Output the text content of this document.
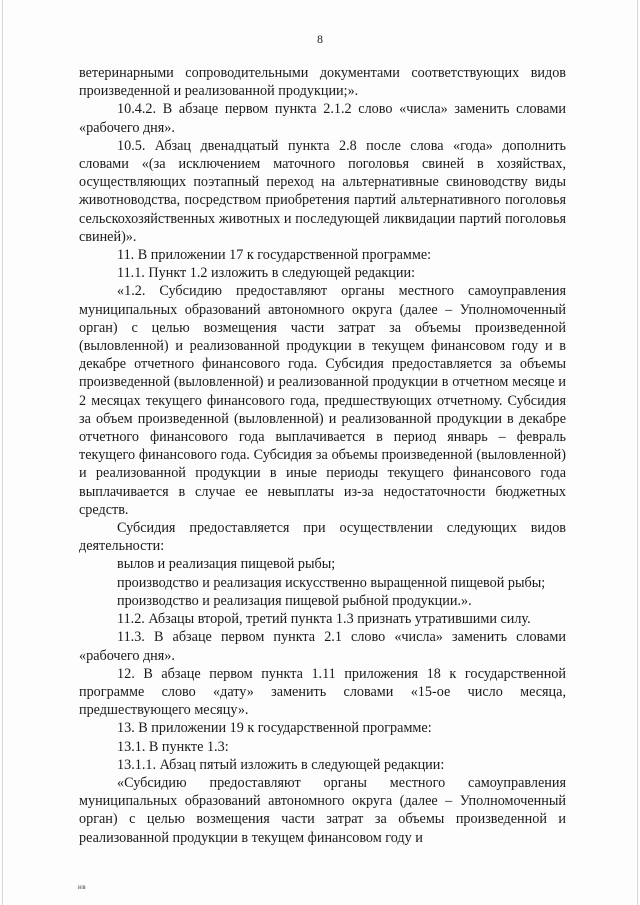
8

ветеринарными сопроводительными документами соответствующих видов произведенной и реализованной продукции;».

10.4.2. В абзаце первом пункта 2.1.2 слово «числа» заменить словами «рабочего дня».

10.5. Абзац двенадцатый пункта 2.8 после слова «года» дополнить словами «(за исключением маточного поголовья свиней в хозяйствах, осуществляющих поэтапный переход на альтернативные свиноводству виды животноводства, посредством приобретения партий альтернативного поголовья сельскохозяйственных животных и последующей ликвидации партий поголовья свиней)».

11. В приложении 17 к государственной программе:

11.1. Пункт 1.2 изложить в следующей редакции:

«1.2. Субсидию предоставляют органы местного самоуправления муниципальных образований автономного округа (далее – Уполномоченный орган) с целью возмещения части затрат за объемы произведенной (выловленной) и реализованной продукции в текущем финансовом году и в декабре отчетного финансового года. Субсидия предоставляется за объемы произведенной (выловленной) и реализованной продукции в отчетном месяце и 2 месяцах текущего финансового года, предшествующих отчетному. Субсидия за объем произведенной (выловленной) и реализованной продукции в декабре отчетного финансового года выплачивается в период январь – февраль текущего финансового года. Субсидия за объемы произведенной (выловленной) и реализованной продукции в иные периоды текущего финансового года выплачивается в случае ее невыплаты из-за недостаточности бюджетных средств.

Субсидия предоставляется при осуществлении следующих видов деятельности:

вылов и реализация пищевой рыбы;

производство и реализация искусственно выращенной пищевой рыбы;

производство и реализация пищевой рыбной продукции.».

11.2. Абзацы второй, третий пункта 1.3 признать утратившими силу.

11.3. В абзаце первом пункта 2.1 слово «числа» заменить словами «рабочего дня».

12. В абзаце первом пункта 1.11 приложения 18 к государственной программе слово «дату» заменить словами «15-ое число месяца, предшествующего месяцу».

13. В приложении 19 к государственной программе:

13.1. В пункте 1.3:

13.1.1. Абзац пятый изложить в следующей редакции:

«Субсидию предоставляют органы местного самоуправления муниципальных образований автономного округа (далее – Уполномоченный орган) с целью возмещения части затрат за объемы произведенной и реализованной продукции в текущем финансовом году и

нв
